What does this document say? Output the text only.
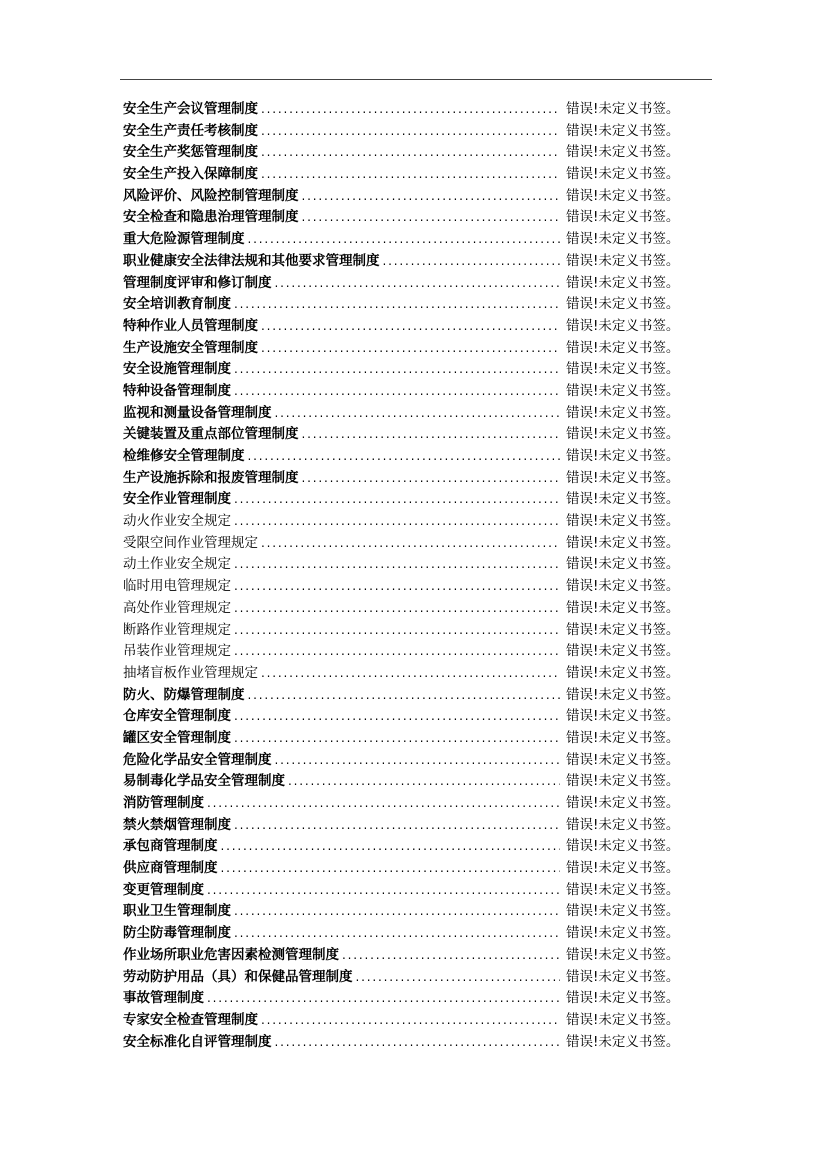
安全生产会议管理制度 . . .	错误!未定义书签。
安全生产责任考核制度 . . .	错误!未定义书签。
安全生产奖惩管理制度 . . .	错误!未定义书签。
安全生产投入保障制度 . . .	错误!未定义书签。
风险评价、风险控制管理制度 . . .	错误!未定义书签。
安全检查和隐患治理管理制度 . . .	错误!未定义书签。
重大危险源管理制度 . . .	错误!未定义书签。
职业健康安全法律法规和其他要求管理制度 . . .	错误!未定义书签。
管理制度评审和修订制度 . . .	错误!未定义书签。
安全培训教育制度 . . .	错误!未定义书签。
特种作业人员管理制度 . . .	错误!未定义书签。
生产设施安全管理制度 . . .	错误!未定义书签。
安全设施管理制度 . . .	错误!未定义书签。
特种设备管理制度 . . .	错误!未定义书签。
监视和测量设备管理制度 . . .	错误!未定义书签。
关键装置及重点部位管理制度 . . .	错误!未定义书签。
检维修安全管理制度 . . .	错误!未定义书签。
生产设施拆除和报废管理制度 . . .	错误!未定义书签。
安全作业管理制度 . . .	错误!未定义书签。
动火作业安全规定 . . .	错误!未定义书签。
受限空间作业管理规定 . . .	错误!未定义书签。
动土作业安全规定 . . .	错误!未定义书签。
临时用电管理规定 . . .	错误!未定义书签。
高处作业管理规定 . . .	错误!未定义书签。
断路作业管理规定 . . .	错误!未定义书签。
吊装作业管理规定 . . .	错误!未定义书签。
抽堵盲板作业管理规定 . . .	错误!未定义书签。
防火、防爆管理制度 . . .	错误!未定义书签。
仓库安全管理制度 . . .	错误!未定义书签。
罐区安全管理制度 . . .	错误!未定义书签。
危险化学品安全管理制度 . . .	错误!未定义书签。
易制毒化学品安全管理制度 . . .	错误!未定义书签。
消防管理制度 . . .	错误!未定义书签。
禁火禁烟管理制度 . . .	错误!未定义书签。
承包商管理制度 . . .	错误!未定义书签。
供应商管理制度 . . .	错误!未定义书签。
变更管理制度 . . .	错误!未定义书签。
职业卫生管理制度 . . .	错误!未定义书签。
防尘防毒管理制度 . . .	错误!未定义书签。
作业场所职业危害因素检测管理制度 . . .	错误!未定义书签。
劳动防护用品（具）和保健品管理制度 . . .	错误!未定义书签。
事故管理制度 . . .	错误!未定义书签。
专家安全检查管理制度 . . .	错误!未定义书签。
安全标准化自评管理制度 . . .	错误!未定义书签。
